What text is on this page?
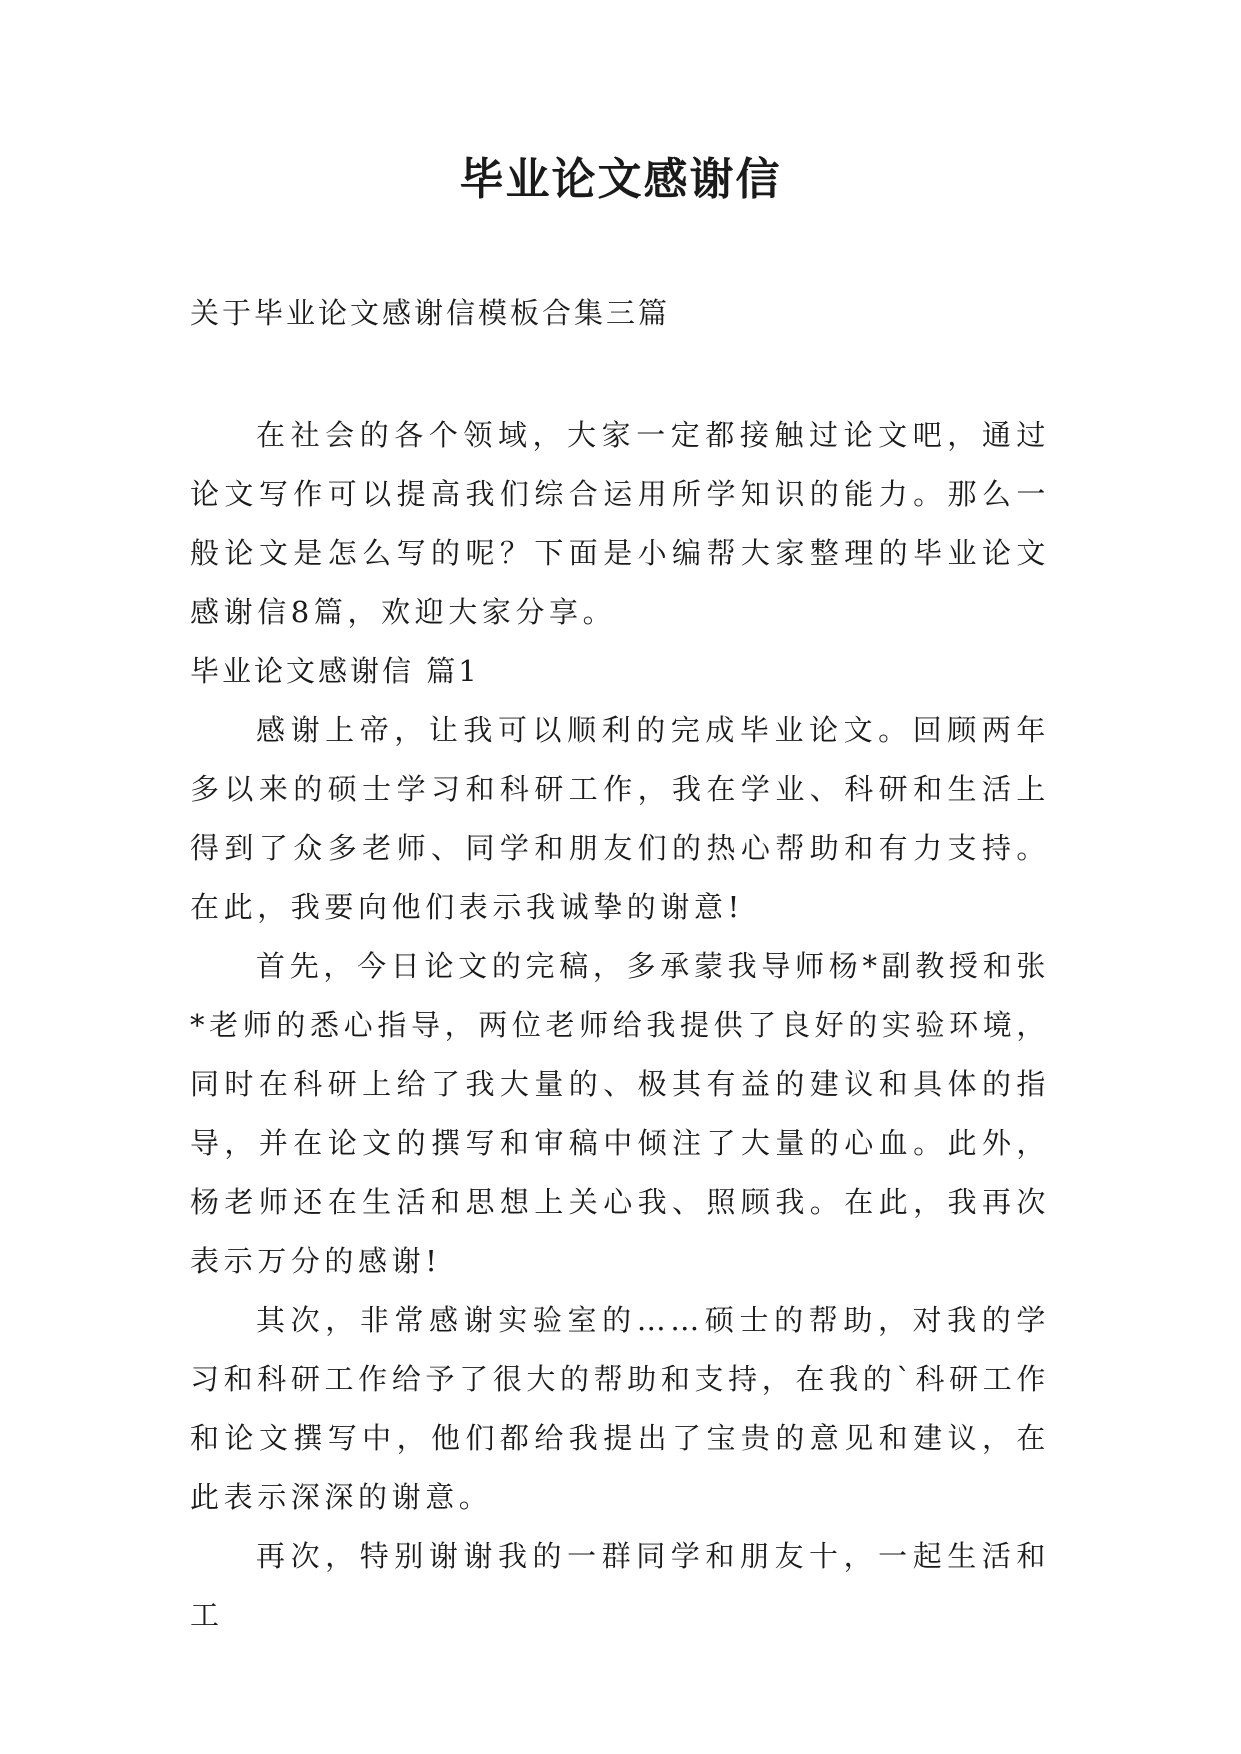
毕业论文感谢信

关于毕业论文感谢信模板合集三篇

在社会的各个领域，大家一定都接触过论文吧，通过论文写作可以提高我们综合运用所学知识的能力。那么一般论文是怎么写的呢？下面是小编帮大家整理的毕业论文感谢信8篇，欢迎大家分享。

毕业论文感谢信 篇1

感谢上帝，让我可以顺利的完成毕业论文。回顾两年多以来的硕士学习和科研工作，我在学业、科研和生活上得到了众多老师、同学和朋友们的热心帮助和有力支持。在此，我要向他们表示我诚挚的谢意!

首先，今日论文的完稿，多承蒙我导师杨*副教授和张*老师的悉心指导，两位老师给我提供了良好的实验环境，同时在科研上给了我大量的、极其有益的建议和具体的指导，并在论文的撰写和审稿中倾注了大量的心血。此外，杨老师还在生活和思想上关心我、照顾我。在此，我再次表示万分的感谢!

其次，非常感谢实验室的……硕士的帮助，对我的学习和科研工作给予了很大的帮助和支持，在我的`科研工作和论文撰写中，他们都给我提出了宝贵的意见和建议，在此表示深深的谢意。

再次，特别谢谢我的一群同学和朋友十，一起生活和工
